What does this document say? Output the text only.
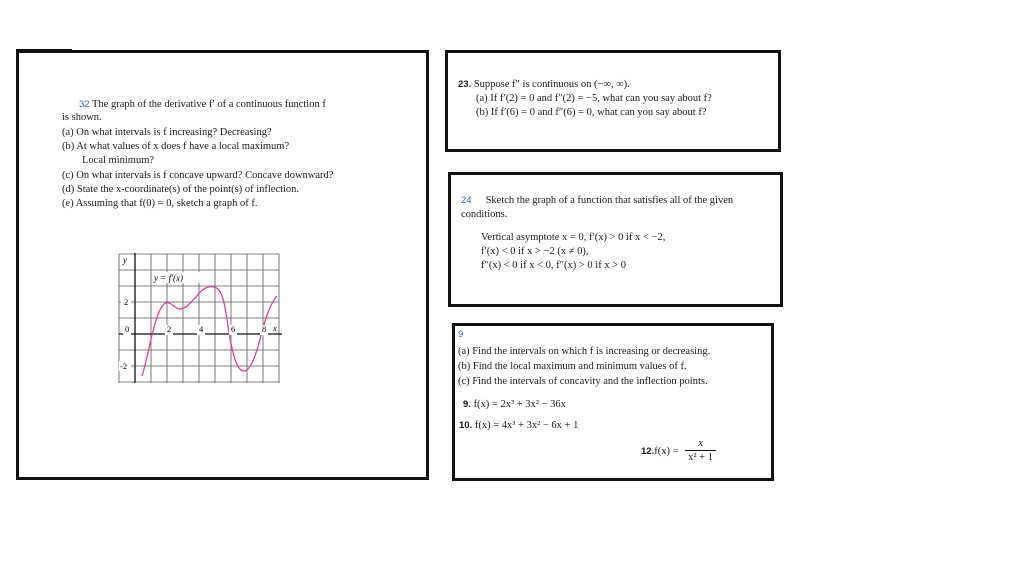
32 The graph of the derivative f′ of a continuous function f
is shown.
(a) On what intervals is f increasing? Decreasing?
(b) At what values of x does f have a local maximum?
Local minimum?
(c) On what intervals is f concave upward? Concave downward?
(d) State the x-coordinate(s) of the point(s) of inflection.
(e) Assuming that f(0) = 0, sketch a graph of f.
y
y = f′(x)
2
-2
0	2	4	6	8 x
23. Suppose f″ is continuous on (−∞, ∞).
(a) If f′(2) = 0 and f″(2) = −5, what can you say about f?
(b) If f′(6) = 0 and f″(6) = 0, what can you say about f?
24 Sketch the graph of a function that satisfies all of the given
conditions.
Vertical asymptote x = 0, f′(x) > 0 if x < −2,
f′(x) < 0 if x > −2 (x ≠ 0),
f″(x) < 0 if x < 0, f″(x) > 0 if x > 0
9
(a) Find the intervals on which f is increasing or decreasing.
(b) Find the local maximum and minimum values of f.
(c) Find the intervals of concavity and the inflection points.
9. f(x) = 2x³ + 3x² − 36x
10. f(x) = 4x³ + 3x² − 6x + 1
$12.f(x) = \frac{x}{\text{x² + 1}}$
